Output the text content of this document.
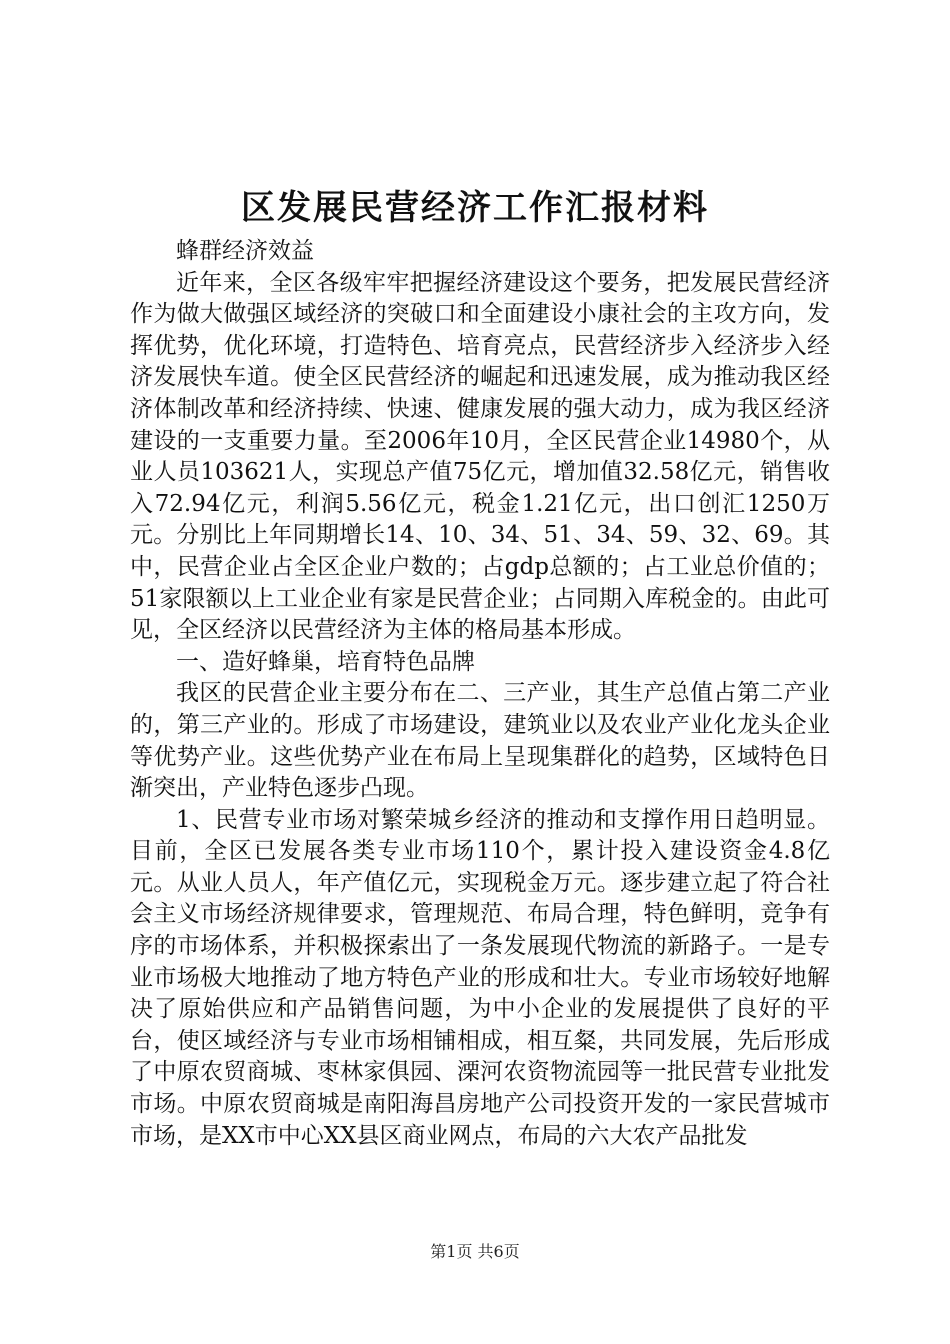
区发展民营经济工作汇报材料

蜂群经济效益

近年来，全区各级牢牢把握经济建设这个要务，把发展民营经济作为做大做强区域经济的突破口和全面建设小康社会的主攻方向，发挥优势，优化环境，打造特色、培育亮点，民营经济步入经济步入经济发展快车道。使全区民营经济的崛起和迅速发展，成为推动我区经济体制改革和经济持续、快速、健康发展的强大动力，成为我区经济建设的一支重要力量。至2006年10月，全区民营企业14980个，从业人员103621人，实现总产值75亿元，增加值32.58亿元，销售收入72.94亿元，利润5.56亿元，税金1.21亿元，出口创汇1250万元。分别比上年同期增长14、10、34、51、34、59、32、69。其中，民营企业占全区企业户数的；占gdp总额的；占工业总价值的；51家限额以上工业企业有家是民营企业；占同期入库税金的。由此可见，全区经济以民营经济为主体的格局基本形成。

一、造好蜂巢，培育特色品牌

我区的民营企业主要分布在二、三产业，其生产总值占第二产业的，第三产业的。形成了市场建设，建筑业以及农业产业化龙头企业等优势产业。这些优势产业在布局上呈现集群化的趋势，区域特色日渐突出，产业特色逐步凸现。

1、民营专业市场对繁荣城乡经济的推动和支撑作用日趋明显。目前，全区已发展各类专业市场110个，累计投入建设资金4.8亿元。从业人员人，年产值亿元，实现税金万元。逐步建立起了符合社会主义市场经济规律要求，管理规范、布局合理，特色鲜明，竞争有序的市场体系，并积极探索出了一条发展现代物流的新路子。一是专业市场极大地推动了地方特色产业的形成和壮大。专业市场较好地解决了原始供应和产品销售问题，为中小企业的发展提供了良好的平台，使区域经济与专业市场相铺相成，相互粲，共同发展，先后形成了中原农贸商城、枣林家俱园、溧河农资物流园等一批民营专业批发市场。中原农贸商城是南阳海昌房地产公司投资开发的一家民营城市市场，是XX市中心XX县区商业网点，布局的六大农产品批发

第1页 共6页
